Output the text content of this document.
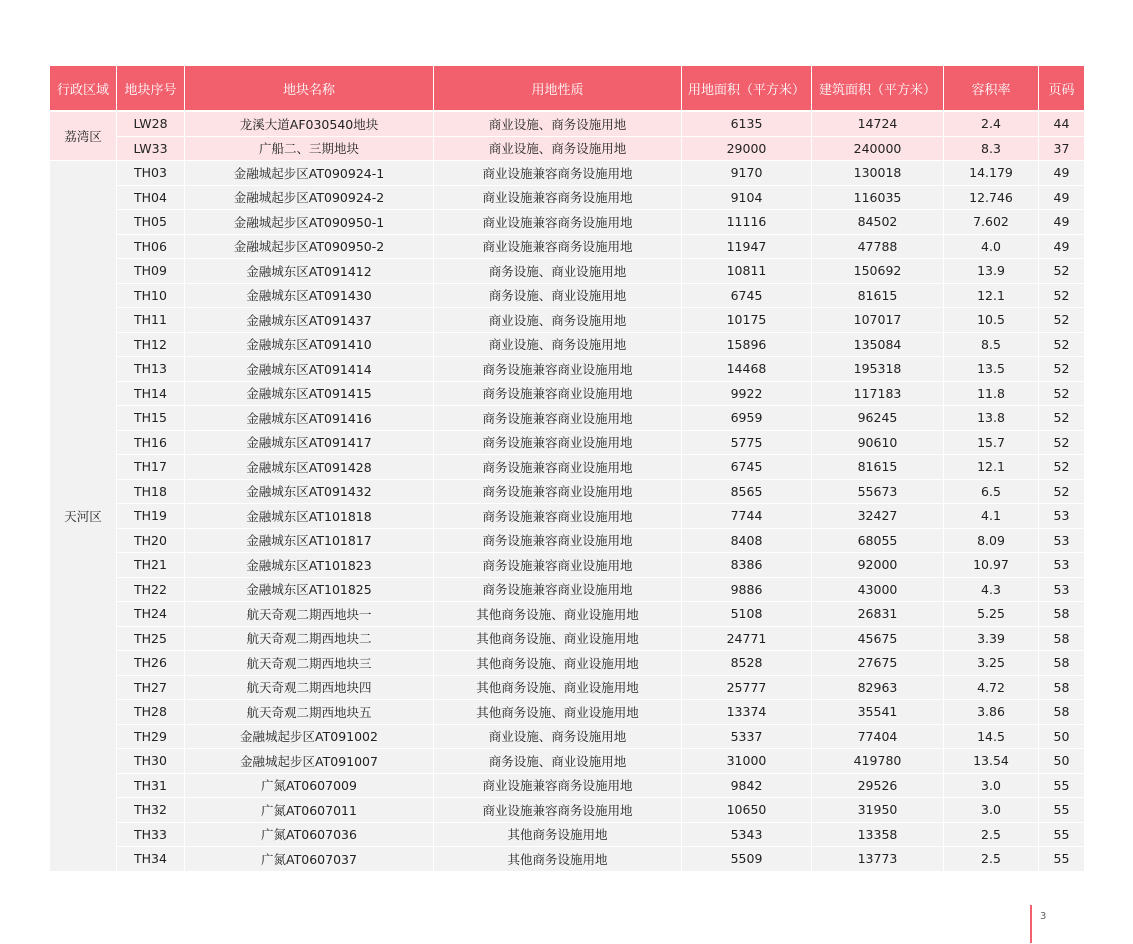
行政区域	地块序号	地块名称	用地性质	用地面积（平方米）	建筑面积（平方米）	容积率	页码
荔湾区	LW28	龙溪大道AF030540地块	商业设施、商务设施用地	6135	14724	2.4	44
	LW33	广船二、三期地块	商业设施、商务设施用地	29000	240000	8.3	37
天河区	TH03	金融城起步区AT090924-1	商业设施兼容商务设施用地	9170	130018	14.179	49
	TH04	金融城起步区AT090924-2	商业设施兼容商务设施用地	9104	116035	12.746	49
	TH05	金融城起步区AT090950-1	商业设施兼容商务设施用地	11116	84502	7.602	49
	TH06	金融城起步区AT090950-2	商业设施兼容商务设施用地	11947	47788	4.0	49
	TH09	金融城东区AT091412	商务设施、商业设施用地	10811	150692	13.9	52
	TH10	金融城东区AT091430	商务设施、商业设施用地	6745	81615	12.1	52
	TH11	金融城东区AT091437	商业设施、商务设施用地	10175	107017	10.5	52
	TH12	金融城东区AT091410	商业设施、商务设施用地	15896	135084	8.5	52
	TH13	金融城东区AT091414	商务设施兼容商业设施用地	14468	195318	13.5	52
	TH14	金融城东区AT091415	商务设施兼容商业设施用地	9922	117183	11.8	52
	TH15	金融城东区AT091416	商务设施兼容商业设施用地	6959	96245	13.8	52
	TH16	金融城东区AT091417	商务设施兼容商业设施用地	5775	90610	15.7	52
	TH17	金融城东区AT091428	商务设施兼容商业设施用地	6745	81615	12.1	52
	TH18	金融城东区AT091432	商务设施兼容商业设施用地	8565	55673	6.5	52
	TH19	金融城东区AT101818	商务设施兼容商业设施用地	7744	32427	4.1	53
	TH20	金融城东区AT101817	商务设施兼容商业设施用地	8408	68055	8.09	53
	TH21	金融城东区AT101823	商务设施兼容商业设施用地	8386	92000	10.97	53
	TH22	金融城东区AT101825	商务设施兼容商业设施用地	9886	43000	4.3	53
	TH24	航天奇观二期西地块一	其他商务设施、商业设施用地	5108	26831	5.25	58
	TH25	航天奇观二期西地块二	其他商务设施、商业设施用地	24771	45675	3.39	58
	TH26	航天奇观二期西地块三	其他商务设施、商业设施用地	8528	27675	3.25	58
	TH27	航天奇观二期西地块四	其他商务设施、商业设施用地	25777	82963	4.72	58
	TH28	航天奇观二期西地块五	其他商务设施、商业设施用地	13374	35541	3.86	58
	TH29	金融城起步区AT091002	商业设施、商务设施用地	5337	77404	14.5	50
	TH30	金融城起步区AT091007	商务设施、商业设施用地	31000	419780	13.54	50
	TH31	广氮AT0607009	商业设施兼容商务设施用地	9842	29526	3.0	55
	TH32	广氮AT0607011	商业设施兼容商务设施用地	10650	31950	3.0	55
	TH33	广氮AT0607036	其他商务设施用地	5343	13358	2.5	55
	TH34	广氮AT0607037	其他商务设施用地	5509	13773	2.5	55
3
